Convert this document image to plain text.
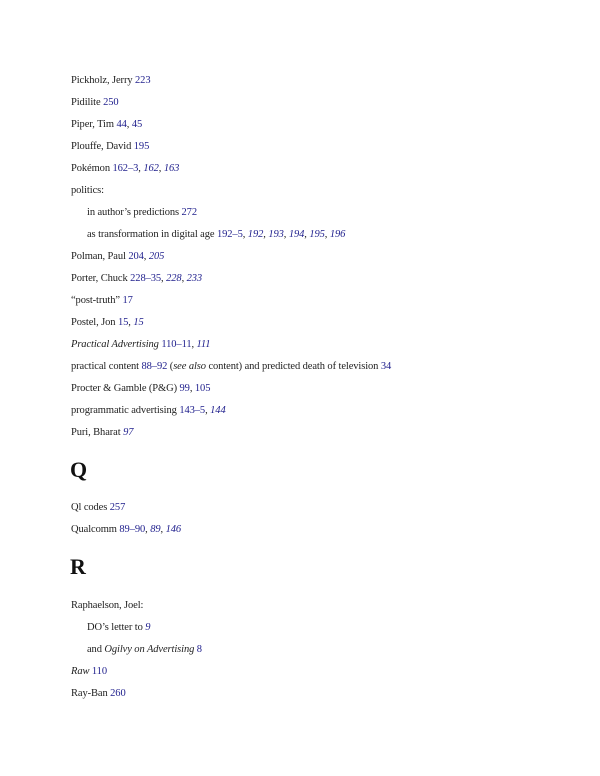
Pickholz, Jerry 223
Pidilite 250
Piper, Tim 44, 45
Plouffe, David 195
Pokémon 162–3, 162, 163
politics:
in author’s predictions 272
as transformation in digital age 192–5, 192, 193, 194, 195, 196
Polman, Paul 204, 205
Porter, Chuck 228–35, 228, 233
“post-truth” 17
Postel, Jon 15, 15
Practical Advertising 110–11, 111
practical content 88–92 (see also content) and predicted death of television 34
Procter & Gamble (P&G) 99, 105
programmatic advertising 143–5, 144
Puri, Bharat 97
Q
Ql codes 257
Qualcomm 89–90, 89, 146
R
Raphaelson, Joel:
DO’s letter to 9
and Ogilvy on Advertising 8
Raw 110
Ray-Ban 260
